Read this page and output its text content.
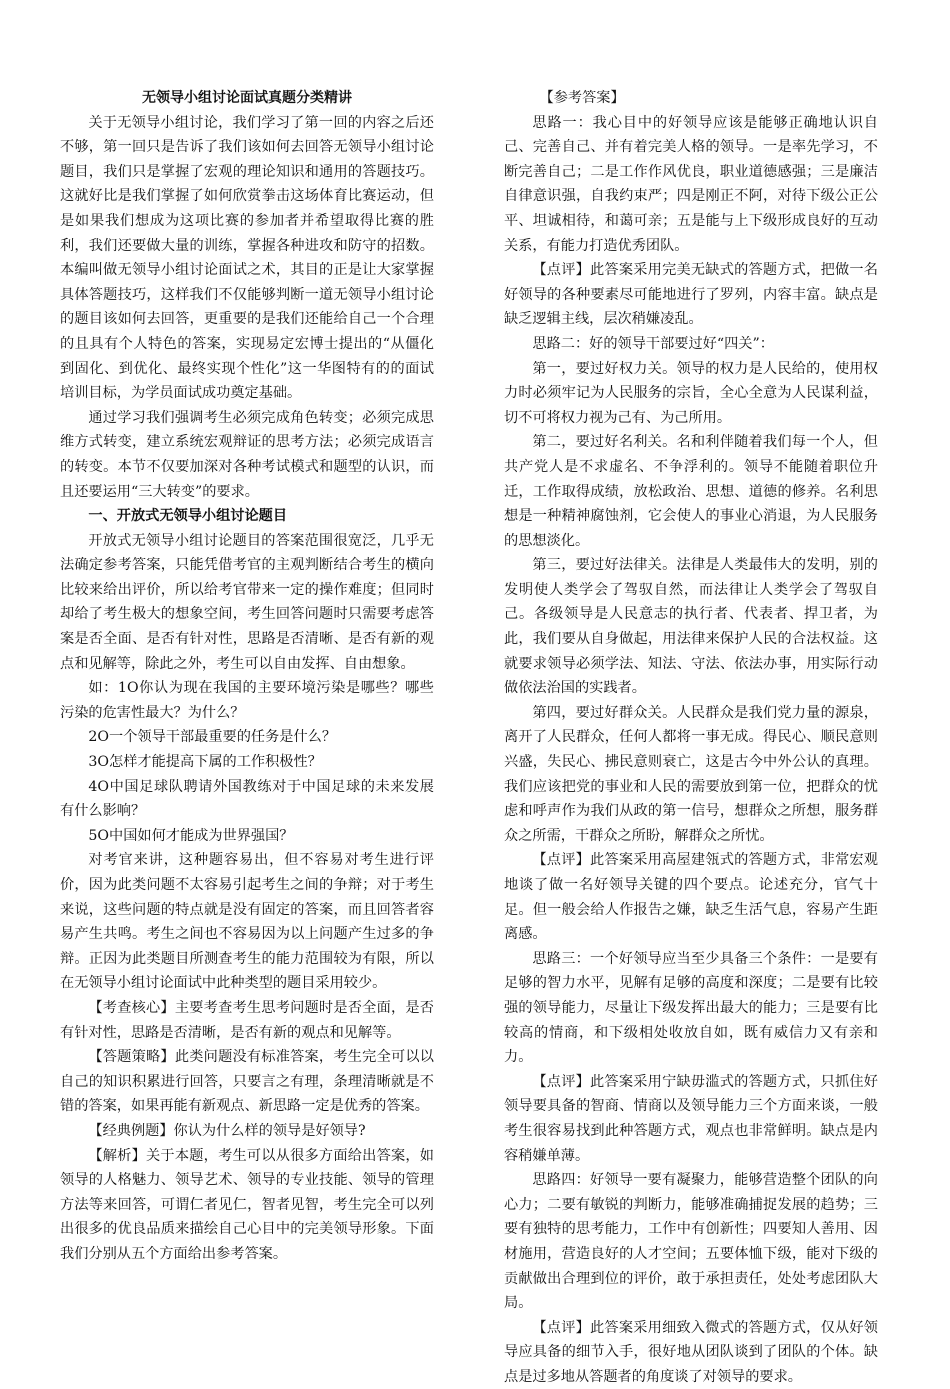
无领导小组讨论面试真题分类精讲

关于无领导小组讨论，我们学习了第一回的内容之后还不够，第一回只是告诉了我们该如何去回答无领导小组讨论题目，我们只是掌握了宏观的理论知识和通用的答题技巧。这就好比是我们掌握了如何欣赏拳击这场体育比赛运动，但是如果我们想成为这项比赛的参加者并希望取得比赛的胜利，我们还要做大量的训练，掌握各种进攻和防守的招数。本编叫做无领导小组讨论面试之术，其目的正是让大家掌握具体答题技巧，这样我们不仅能够判断一道无领导小组讨论的题目该如何去回答，更重要的是我们还能给自己一个合理的且具有个人特色的答案，实现易定宏博士提出的“从僵化到固化、到优化、最终实现个性化”这一华图特有的的面试培训目标，为学员面试成功奠定基础。

通过学习我们强调考生必须完成角色转变；必须完成思维方式转变，建立系统宏观辩证的思考方法；必须完成语言的转变。本节不仅要加深对各种考试模式和题型的认识，而且还要运用“三大转变”的要求。

一、开放式无领导小组讨论题目

开放式无领导小组讨论题目的答案范围很宽泛，几乎无法确定参考答案，只能凭借考官的主观判断结合考生的横向比较来给出评价，所以给考官带来一定的操作难度；但同时却给了考生极大的想象空间，考生回答问题时只需要考虑答案是否全面、是否有针对性，思路是否清晰、是否有新的观点和见解等，除此之外，考生可以自由发挥、自由想象。

如：1O你认为现在我国的主要环境污染是哪些？哪些污染的危害性最大？为什么？

2O一个领导干部最重要的任务是什么？

3O怎样才能提高下属的工作积极性？

4O中国足球队聘请外国教练对于中国足球的未来发展有什么影响？

5O中国如何才能成为世界强国？

对考官来讲，这种题容易出，但不容易对考生进行评价，因为此类问题不太容易引起考生之间的争辩；对于考生来说，这些问题的特点就是没有固定的答案，而且回答者容易产生共鸣。考生之间也不容易因为以上问题产生过多的争辩。正因为此类题目所测查考生的能力范围较为有限，所以在无领导小组讨论面试中此种类型的题目采用较少。

【考查核心】主要考查考生思考问题时是否全面，是否有针对性，思路是否清晰，是否有新的观点和见解等。

【答题策略】此类问题没有标准答案，考生完全可以以自己的知识积累进行回答，只要言之有理，条理清晰就是不错的答案，如果再能有新观点、新思路一定是优秀的答案。

【经典例题】你认为什么样的领导是好领导?

【解析】关于本题，考生可以从很多方面给出答案，如领导的人格魅力、领导艺术、领导的专业技能、领导的管理方法等来回答，可谓仁者见仁，智者见智，考生完全可以列出很多的优良品质来描绘自己心目中的完美领导形象。下面我们分别从五个方面给出参考答案。

【参考答案】

思路一：我心目中的好领导应该是能够正确地认识自己、完善自己、并有着完美人格的领导。一是率先学习，不断完善自己；二是工作作风优良，职业道德感强；三是廉洁自律意识强，自我约束严；四是刚正不阿，对待下级公正公平、坦诚相待，和蔼可亲；五是能与上下级形成良好的互动关系，有能力打造优秀团队。

【点评】此答案采用完美无缺式的答题方式，把做一名好领导的各种要素尽可能地进行了罗列，内容丰富。缺点是缺乏逻辑主线，层次稍嫌凌乱。

思路二：好的领导干部要过好“四关”：

第一，要过好权力关。领导的权力是人民给的，使用权力时必须牢记为人民服务的宗旨，全心全意为人民谋利益，切不可将权力视为己有、为己所用。

第二，要过好名利关。名和利伴随着我们每一个人，但共产党人是不求虚名、不争浮利的。领导不能随着职位升迁，工作取得成绩，放松政治、思想、道德的修养。名利思想是一种精神腐蚀剂，它会使人的事业心消退，为人民服务的思想淡化。

第三，要过好法律关。法律是人类最伟大的发明，别的发明使人类学会了驾驭自然，而法律让人类学会了驾驭自己。各级领导是人民意志的执行者、代表者、捍卫者，为此，我们要从自身做起，用法律来保护人民的合法权益。这就要求领导必须学法、知法、守法、依法办事，用实际行动做依法治国的实践者。

第四，要过好群众关。人民群众是我们党力量的源泉，离开了人民群众，任何人都将一事无成。得民心、顺民意则兴盛，失民心、拂民意则衰亡，这是古今中外公认的真理。我们应该把党的事业和人民的需要放到第一位，把群众的忧虑和呼声作为我们从政的第一信号，想群众之所想，服务群众之所需，干群众之所盼，解群众之所忧。

【点评】此答案采用高屋建瓴式的答题方式，非常宏观地谈了做一名好领导关键的四个要点。论述充分，官气十足。但一般会给人作报告之嫌，缺乏生活气息，容易产生距离感。

思路三：一个好领导应当至少具备三个条件：一是要有足够的智力水平，见解有足够的高度和深度；二是要有比较强的领导能力，尽量让下级发挥出最大的能力；三是要有比较高的情商，和下级相处收放自如，既有威信力又有亲和力。

【点评】此答案采用宁缺毋滥式的答题方式，只抓住好领导要具备的智商、情商以及领导能力三个方面来谈，一般考生很容易找到此种答题方式，观点也非常鲜明。缺点是内容稍嫌单薄。

思路四：好领导一要有凝聚力，能够营造整个团队的向心力；二要有敏锐的判断力，能够准确捕捉发展的趋势；三要有独特的思考能力，工作中有创新性；四要知人善用、因材施用，营造良好的人才空间；五要体恤下级，能对下级的贡献做出合理到位的评价，敢于承担责任，处处考虑团队大局。

【点评】此答案采用细致入微式的答题方式，仅从好领导应具备的细节入手，很好地从团队谈到了团队的个体。缺点是过多地从答题者的角度谈了对领导的要求。
